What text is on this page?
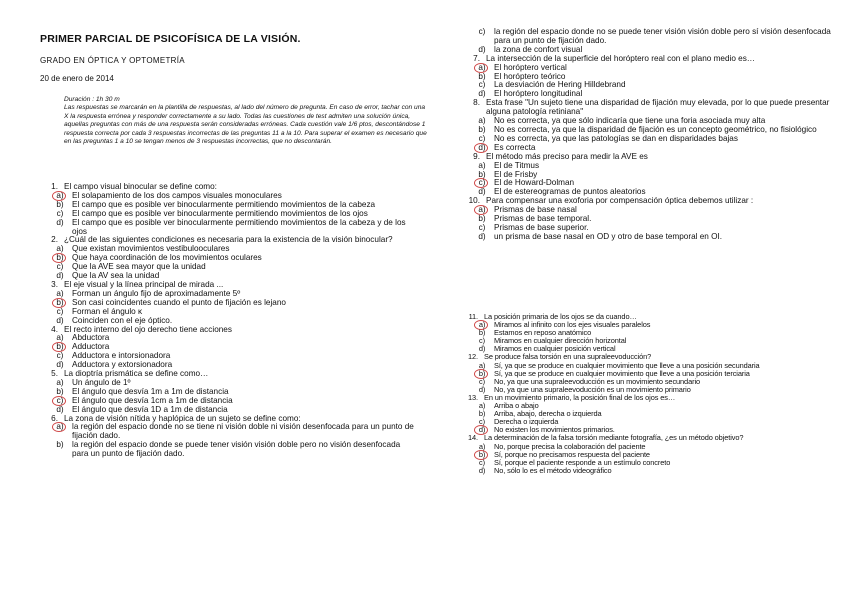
PRIMER PARCIAL DE PSICOFÍSICA DE LA VISIÓN.
GRADO EN ÓPTICA Y OPTOMETRÍA
20 de enero de 2014
Duración : 1h 30 m
Las respuestas se marcarán en la plantilla de respuestas, al lado del número de pregunta. En caso de error, tachar con una X la respuesta errónea y responder correctamente a su lado. Todas las cuestiones de test admiten una solución única, aquellas preguntas con más de una respuesta serán consideradas erróneas. Cada cuestión vale 1/6 ptos, descontándose 1 respuesta correcta por cada 3 respuestas incorrectas de las preguntas 11 a la 10. Para superar el examen es necesario que en las preguntas 1 a 10 se tengan menos de 3 respuestas incorrectas, que no descontarán.
1. El campo visual binocular se define como:
a)	El solapamiento de los dos campos visuales monoculares
b)	El campo que es posible ver binocularmente permitiendo movimientos de la cabeza
c)	El campo que es posible ver binocularmente permitiendo movimientos de los ojos
d)	El campo que es posible ver binocularmente permitiendo movimientos de la cabeza y de los ojos
2. ¿Cuál de las siguientes condiciones es necesaria para la existencia de la visión binocular?
a)	Que existan movimientos vestibulooculares
b)	Que haya coordinación de los movimientos oculares
c)	Que la AVE sea mayor que la unidad
d)	Que la AV sea la unidad
3. El eje visual y la línea principal de mirada ...
a)	Forman un ángulo fijo de aproximadamente 5º
b)	Son casi coincidentes cuando el punto de fijación es lejano
c)	Forman el ángulo κ
d)	Coinciden con el eje óptico.
4. El recto interno del ojo derecho tiene acciones
a)	Abductora
b)	Adductora
c)	Adductora e intorsionadora
d)	Adductora y extorsionadora
5. La dioptría prismática se define como…
a)	Un ángulo de 1º
b)	El ángulo que desvía 1m a 1m de distancia
c)	El ángulo que desvía 1cm a 1m de distancia
d)	El ángulo que desvía 1D a 1m de distancia
6. La zona de visión nítida y haplópica de un sujeto se define como:
a)	la región del espacio donde no se tiene ni visión doble ni visión desenfocada para un punto de fijación dado.
b)	la región del espacio donde se puede tener visión visión doble pero no visión desenfocada para un punto de fijación dado.
c)	la región del espacio donde no se puede tener visión visión doble pero sí visión desenfocada para un punto de fijación dado.
d)	la zona de confort visual
7. La intersección de la superficie del horóptero real con el plano medio es…
a)	El horóptero vertical
b)	El horóptero teórico
c)	La desviación de Hering Hilldebrand
d)	El horóptero longitudinal
8. Esta frase "Un sujeto tiene una disparidad de fijación muy elevada, por lo que puede presentar alguna patología retiniana"
a)	No es correcta, ya que sólo indicaría que tiene una foria asociada muy alta
b)	No es correcta, ya que la disparidad de fijación es un concepto geométrico, no fisiológico
c)	No es correcta, ya que las patologías se dan en disparidades bajas
d)	Es correcta
9. El método más preciso para medir la AVE es
a)	El de Titmus
b)	El de Frisby
c)	El de Howard-Dolman
d)	El de estereogramas de puntos aleatorios
10. Para compensar una exoforia por compensación óptica debemos utilizar :
a)	Prismas de base nasal
b)	Prismas de base temporal.
c)	Prismas de base superior.
d)	un prisma de base nasal en OD y otro de base temporal en OI.
11. La posición primaria de los ojos se da cuando…
a)	Miramos al infinito con los ejes visuales paralelos
b)	Estamos en reposo anatómico
c)	Miramos en cualquier dirección horizontal
d)	Miramos en cualquier posición vertical
12. Se produce falsa torsión en una supraleevoducción?
a)	Sí, ya que se produce en cualquier movimiento que lleve a una posición secundaria
b)	Sí, ya que se produce en cualquier movimiento que lleve a una posición terciaria
c)	No, ya que una supraleevoducción es un movimiento secundario
d)	No, ya que una supraleevoducción es un movimiento primario
13. En un movimiento primario, la posición final de los ojos es…
a)	Arriba o abajo
b)	Arriba, abajo, derecha o izquierda
c)	Derecha o izquierda
d)	No existen los movimientos primarios.
14. La determinación de la falsa torsión mediante fotografía, ¿es un método objetivo?
a)	No, porque precisa la colaboración del paciente
b)	Sí, porque no precisamos respuesta del paciente
c)	Sí, porque el paciente responde a un estímulo concreto
d)	No, sólo lo es el método videográfico
